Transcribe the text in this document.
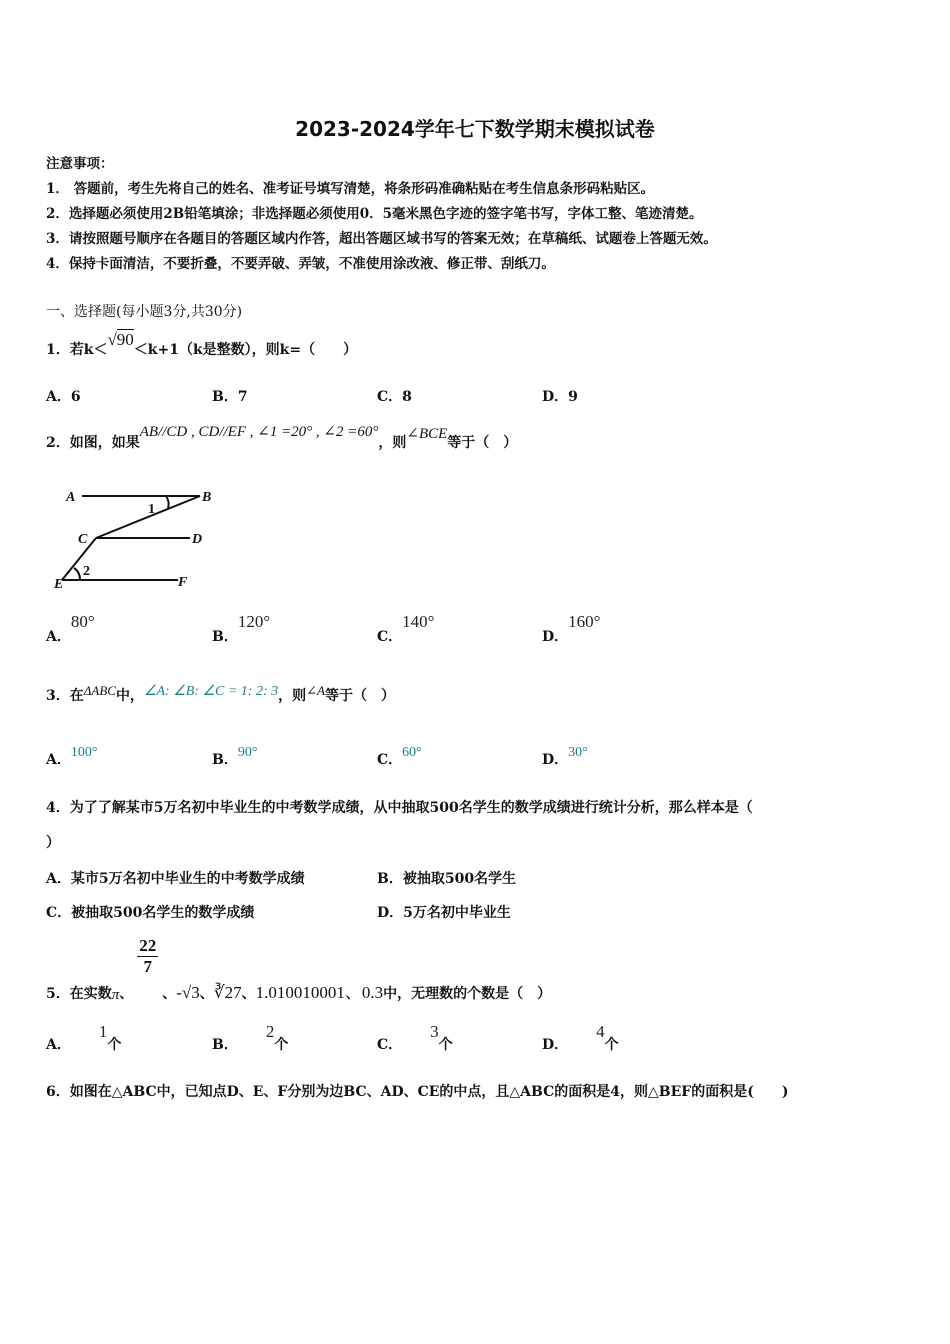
2023-2024学年七下数学期末模拟试卷
注意事项：
1． 答题前，考生先将自己的姓名、准考证号填写清楚，将条形码准确粘贴在考生信息条形码粘贴区。
2．选择题必须使用2B铅笔填涂；非选择题必须使用0．5毫米黑色字迹的签字笔书写，字体工整、笔迹清楚。
3．请按照题号顺序在各题目的答题区域内作答，超出答题区域书写的答案无效；在草稿纸、试题卷上答题无效。
4．保持卡面清洁，不要折叠，不要弄破、弄皱，不准使用涂改液、修正带、刮纸刀。
一、选择题(每小题3分,共30分)
1．若k＜√90＜k+1（k是整数），则k=（　　）
A．6	B．7	C．8	D．9
2．如图，如果AB//CD , CD//EF , ∠1 =20° , ∠2 =60°，则∠BCE等于（　）
A	B
C	D
E	F
1
2
A．80°
B．120°
C．140°
D．160°
3．在ΔABC中，∠A: ∠B: ∠C = 1: 2: 3，则∠A等于（　）
A．100°	B．90°	C．60°	D．30°
4．为了了解某市5万名初中毕业生的中考数学成绩，从中抽取500名学生的数学成绩进行统计分析，那么样本是（
）
A．某市5万名初中毕业生的中考数学成绩	B．被抽取500名学生
C．被抽取500名学生的数学成绩	D．5万名初中毕业生
5．在实数π、
$\frac{22}{7}$
、-√3、∛27、1.010010001、0.3中，无理数的个数是（　）
A．1个	B．2个	C．3个	D．4个
6．如图在△ABC中，已知点D、E、F分别为边BC、AD、CE的中点，且△ABC的面积是4，则△BEF的面积是(　　)
